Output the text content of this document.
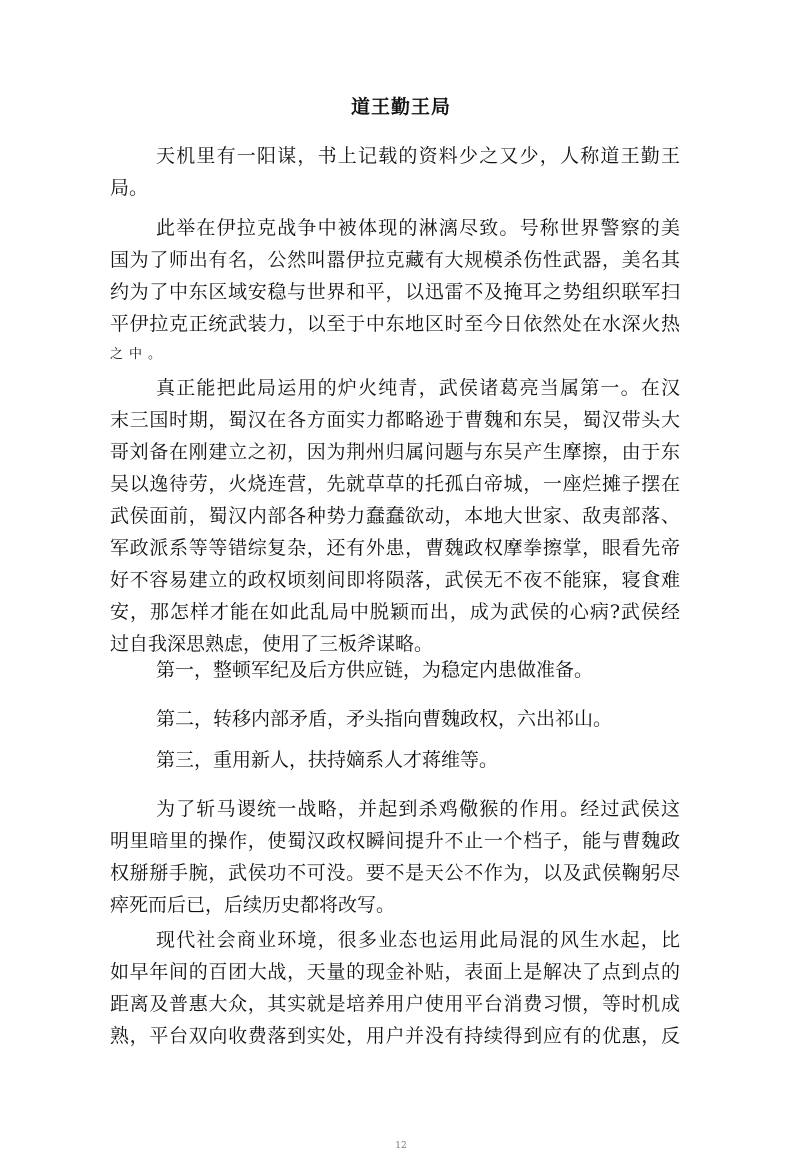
道王勤王局
天机里有一阳谋，书上记载的资料少之又少，人称道王勤王
局。
此举在伊拉克战争中被体现的淋漓尽致。号称世界警察的美
国为了师出有名，公然叫嚣伊拉克藏有大规模杀伤性武器，美名其
约为了中东区域安稳与世界和平，以迅雷不及掩耳之势组织联军扫
平伊拉克正统武装力，以至于中东地区时至今日依然处在水深火热
之中。
真正能把此局运用的炉火纯青，武侯诸葛亮当属第一。在汉
末三国时期，蜀汉在各方面实力都略逊于曹魏和东吴，蜀汉带头大
哥刘备在刚建立之初，因为荆州归属问题与东吴产生摩擦，由于东
吴以逸待劳，火烧连营，先就草草的托孤白帝城，一座烂摊子摆在
武侯面前，蜀汉内部各种势力蠢蠢欲动，本地大世家、敌夷部落、
军政派系等等错综复杂，还有外患，曹魏政权摩拳擦掌，眼看先帝
好不容易建立的政权顷刻间即将陨落，武侯无不夜不能寐，寝食难
安，那怎样才能在如此乱局中脱颖而出，成为武侯的心病?武侯经
过自我深思熟虑，使用了三板斧谋略。
第一，整顿军纪及后方供应链，为稳定内患做准备。
第二，转移内部矛盾，矛头指向曹魏政权，六出祁山。
第三，重用新人，扶持嫡系人才蒋维等。
为了斩马谡统一战略，并起到杀鸡儆猴的作用。经过武侯这
明里暗里的操作，使蜀汉政权瞬间提升不止一个档子，能与曹魏政
权掰掰手腕，武侯功不可没。要不是天公不作为，以及武侯鞠躬尽
瘁死而后已，后续历史都将改写。
现代社会商业环境，很多业态也运用此局混的风生水起，比
如早年间的百团大战，天量的现金补贴，表面上是解决了点到点的
距离及普惠大众，其实就是培养用户使用平台消费习惯，等时机成
熟，平台双向收费落到实处，用户并没有持续得到应有的优惠，反
12
